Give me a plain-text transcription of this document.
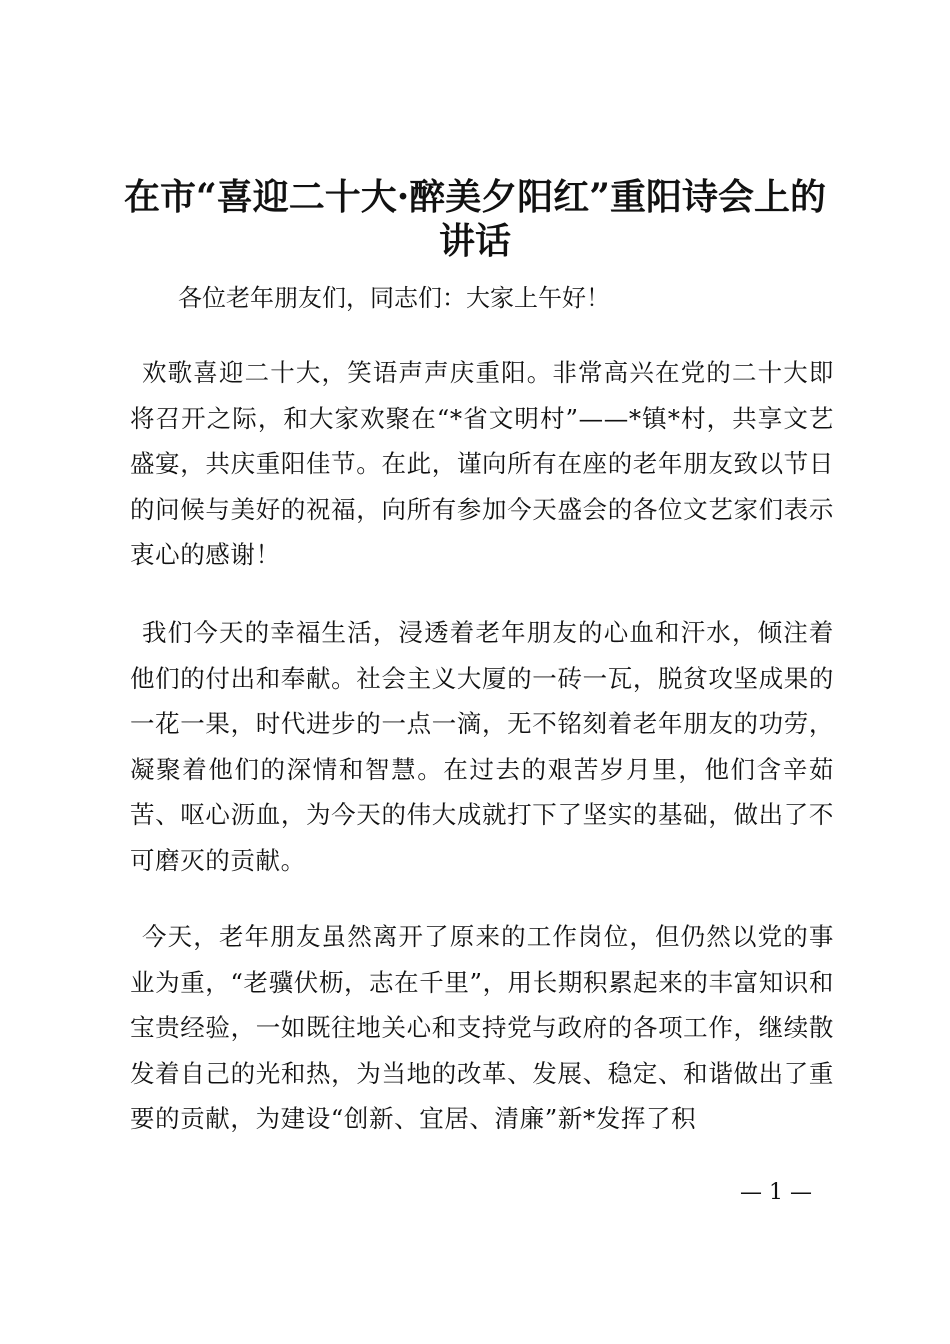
在市“喜迎二十大·醉美夕阳红”重阳诗会上的讲话

各位老年朋友们，同志们：大家上午好！

欢歌喜迎二十大，笑语声声庆重阳。非常高兴在党的二十大即将召开之际，和大家欢聚在“*省文明村”——*镇*村，共享文艺盛宴，共庆重阳佳节。在此，谨向所有在座的老年朋友致以节日的问候与美好的祝福，向所有参加今天盛会的各位文艺家们表示衷心的感谢！

我们今天的幸福生活，浸透着老年朋友的心血和汗水，倾注着他们的付出和奉献。社会主义大厦的一砖一瓦，脱贫攻坚成果的一花一果，时代进步的一点一滴，无不铭刻着老年朋友的功劳，凝聚着他们的深情和智慧。在过去的艰苦岁月里，他们含辛茹苦、呕心沥血，为今天的伟大成就打下了坚实的基础，做出了不可磨灭的贡献。

今天，老年朋友虽然离开了原来的工作岗位，但仍然以党的事业为重，“老骥伏枥，志在千里”，用长期积累起来的丰富知识和宝贵经验，一如既往地关心和支持党与政府的各项工作，继续散发着自己的光和热，为当地的改革、发展、稳定、和谐做出了重要的贡献，为建设“创新、宜居、清廉”新*发挥了积

— 1 —
